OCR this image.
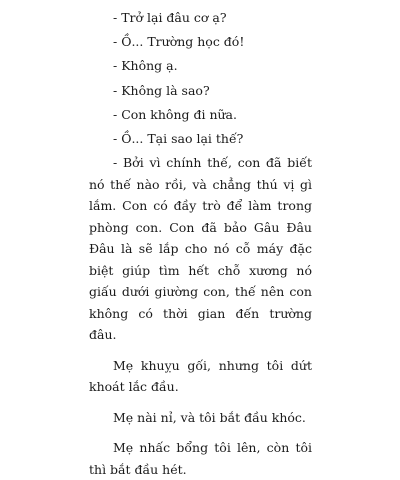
- Trở lại đâu cơ ạ?

- Ồ... Trường học đó!

- Không ạ.

- Không là sao?

- Con không đi nữa.

- Ồ... Tại sao lại thế?

- Bởi vì chính thế, con đã biết nó thế nào rồi, và chẳng thú vị gì lắm. Con có đầy trò để làm trong phòng con. Con đã bảo Gâu Đâu Đâu là sẽ lắp cho nó cỗ máy đặc biệt giúp tìm hết chỗ xương nó giấu dưới giường con, thế nên con không có thời gian đến trường đâu.

Mẹ khuỵu gối, nhưng tôi dứt khoát lắc đầu.

Mẹ nài nỉ, và tôi bắt đầu khóc.

Mẹ nhấc bổng tôi lên, còn tôi thì bắt đầu hét.
